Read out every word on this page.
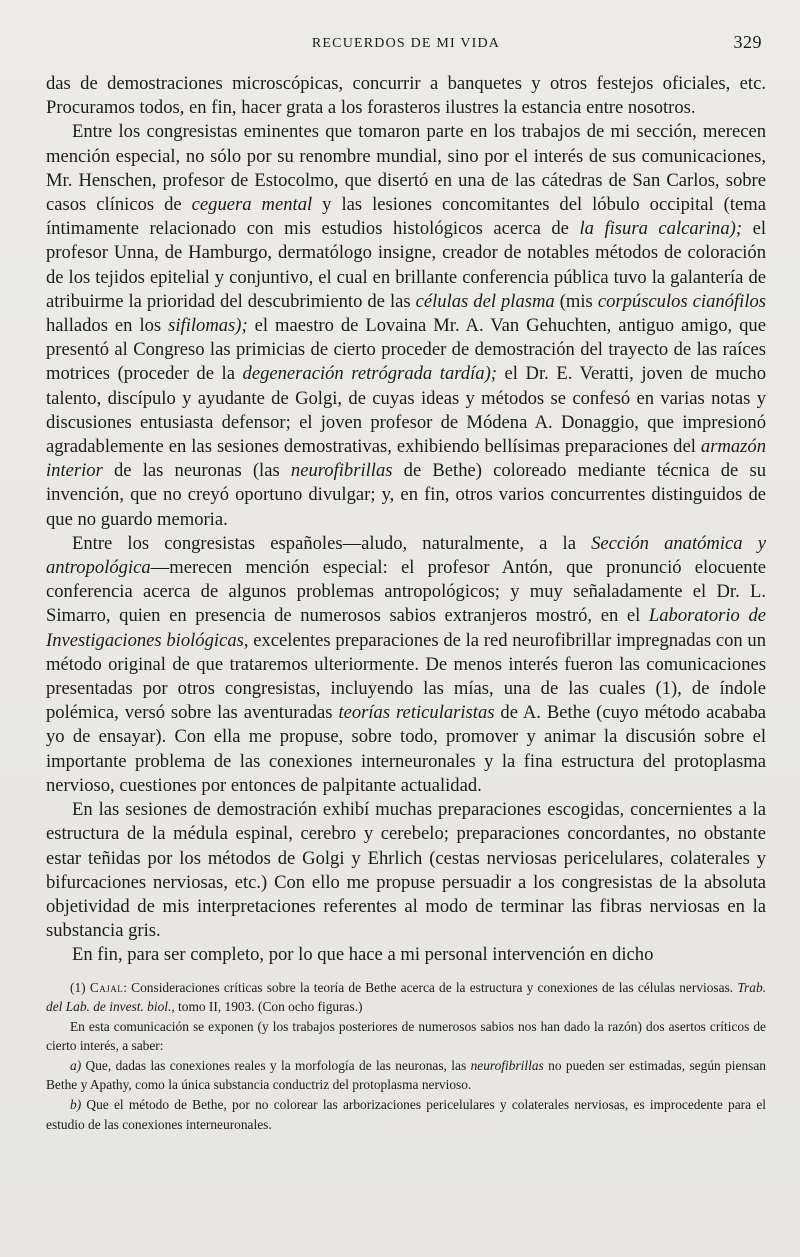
RECUERDOS DE MI VIDA	329

das de demostraciones microscópicas, concurrir a banquetes y otros festejos oficiales, etc. Procuramos todos, en fin, hacer grata a los forasteros ilustres la estancia entre nosotros.

Entre los congresistas eminentes que tomaron parte en los trabajos de mi sección, merecen mención especial, no sólo por su renombre mundial, sino por el interés de sus comunicaciones, Mr. Henschen, profesor de Estocolmo, que disertó en una de las cátedras de San Carlos, sobre casos clínicos de ceguera mental y las lesiones concomitantes del lóbulo occipital (tema íntimamente relacionado con mis estudios histológicos acerca de la fisura calcarina); el profesor Unna, de Hamburgo, dermatólogo insigne, creador de notables métodos de coloración de los tejidos epitelial y conjuntivo, el cual en brillante conferencia pública tuvo la galantería de atribuirme la prioridad del descubrimiento de las células del plasma (mis corpúsculos cianófilos hallados en los sifilomas); el maestro de Lovaina Mr. A. Van Gehuchten, antiguo amigo, que presentó al Congreso las primicias de cierto proceder de demostración del trayecto de las raíces motrices (proceder de la degeneración retrógrada tardía); el Dr. E. Veratti, joven de mucho talento, discípulo y ayudante de Golgi, de cuyas ideas y métodos se confesó en varias notas y discusiones entusiasta defensor; el joven profesor de Módena A. Donaggio, que impresionó agradablemente en las sesiones demostrativas, exhibiendo bellísimas preparaciones del armazón interior de las neuronas (las neurofibrillas de Bethe) coloreado mediante técnica de su invención, que no creyó oportuno divulgar; y, en fin, otros varios concurrentes distinguidos de que no guardo memoria.

Entre los congresistas españoles—aludo, naturalmente, a la Sección anatómica y antropológica—merecen mención especial: el profesor Antón, que pronunció elocuente conferencia acerca de algunos problemas antropológicos; y muy señaladamente el Dr. L. Simarro, quien en presencia de numerosos sabios extranjeros mostró, en el Laboratorio de Investigaciones biológicas, excelentes preparaciones de la red neurofibrillar impregnadas con un método original de que trataremos ulteriormente. De menos interés fueron las comunicaciones presentadas por otros congresistas, incluyendo las mías, una de las cuales (1), de índole polémica, versó sobre las aventuradas teorías reticularistas de A. Bethe (cuyo método acababa yo de ensayar). Con ella me propuse, sobre todo, promover y animar la discusión sobre el importante problema de las conexiones interneuronales y la fina estructura del protoplasma nervioso, cuestiones por entonces de palpitante actualidad.

En las sesiones de demostración exhibí muchas preparaciones escogidas, concernientes a la estructura de la médula espinal, cerebro y cerebelo; preparaciones concordantes, no obstante estar teñidas por los métodos de Golgi y Ehrlich (cestas nerviosas pericelulares, colaterales y bifurcaciones nerviosas, etc.) Con ello me propuse persuadir a los congresistas de la absoluta objetividad de mis interpretaciones referentes al modo de terminar las fibras nerviosas en la substancia gris.

En fin, para ser completo, por lo que hace a mi personal intervención en dicho

(1) Cajal: Consideraciones críticas sobre la teoría de Bethe acerca de la estructura y conexiones de las células nerviosas. Trab. del Lab. de invest. biol., tomo II, 1903. (Con ocho figuras.)

En esta comunicación se exponen (y los trabajos posteriores de numerosos sabios nos han dado la razón) dos asertos críticos de cierto interés, a saber:

a) Que, dadas las conexiones reales y la morfología de las neuronas, las neurofibrillas no pueden ser estimadas, según piensan Bethe y Apathy, como la única substancia conductriz del protoplasma nervioso.

b) Que el método de Bethe, por no colorear las arborizaciones pericelulares y colaterales nerviosas, es improcedente para el estudio de las conexiones interneuronales.
